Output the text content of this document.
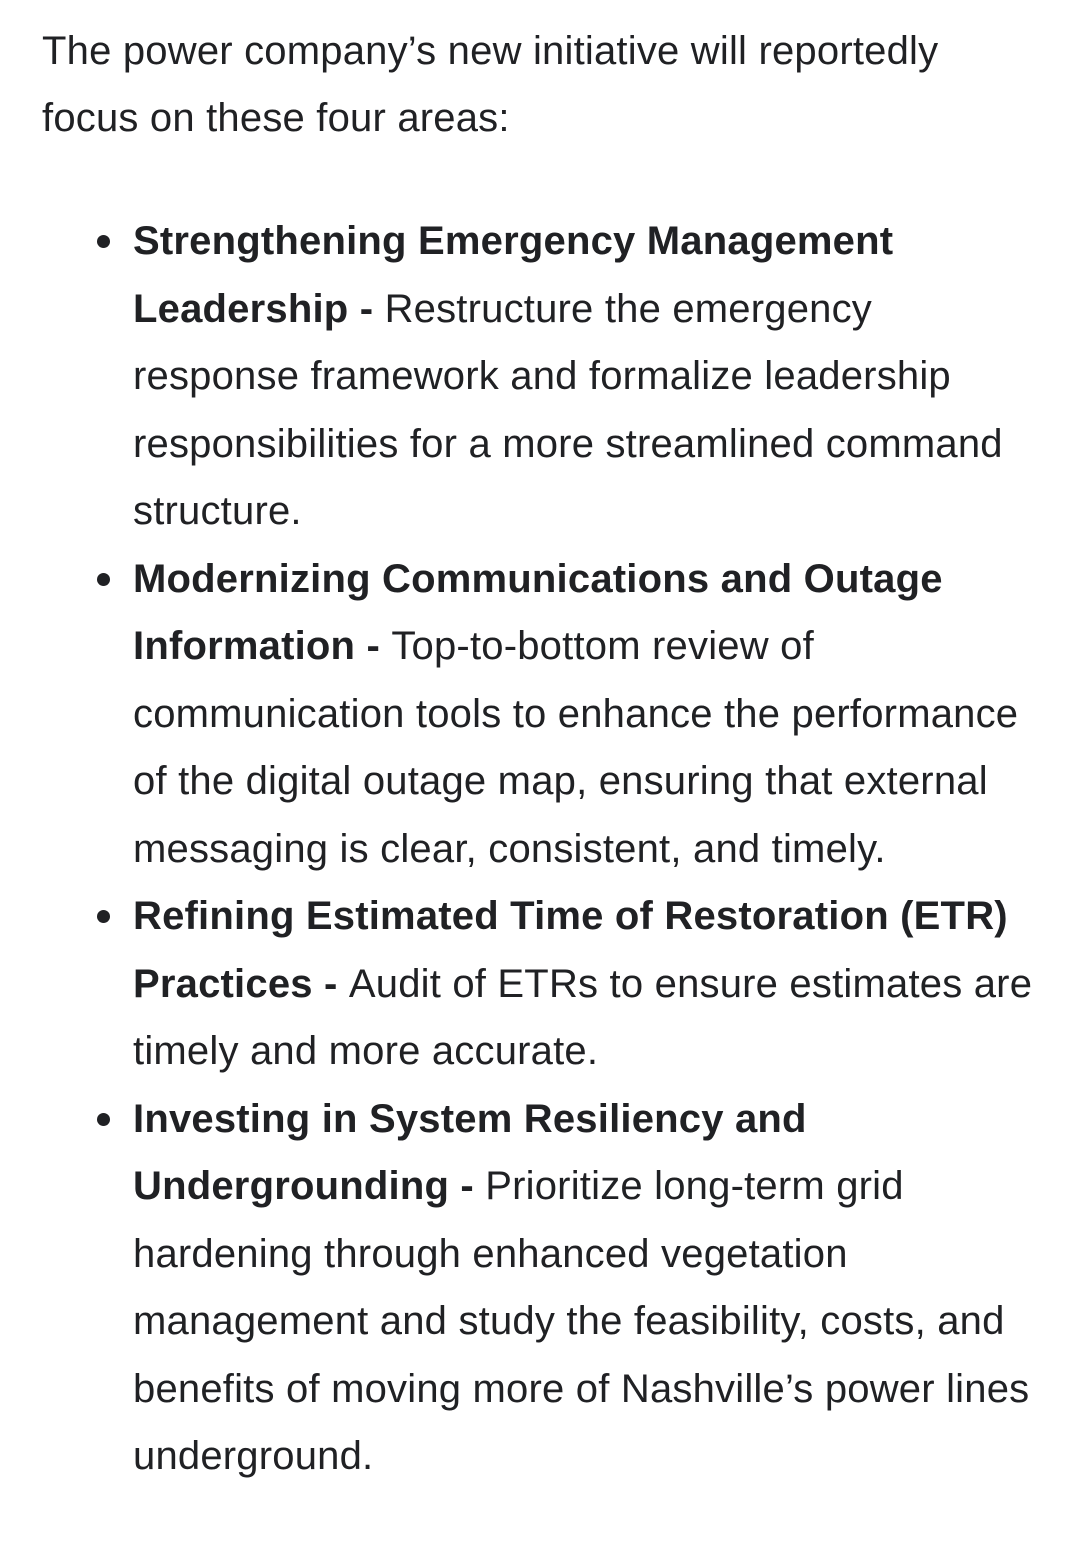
The power company’s new initiative will reportedly focus on these four areas:

Strengthening Emergency Management Leadership - Restructure the emergency response framework and formalize leadership responsibilities for a more streamlined command structure.
Modernizing Communications and Outage Information - Top-to-bottom review of communication tools to enhance the performance of the digital outage map, ensuring that external messaging is clear, consistent, and timely.
Refining Estimated Time of Restoration (ETR) Practices - Audit of ETRs to ensure estimates are timely and more accurate.
Investing in System Resiliency and Undergrounding - Prioritize long-term grid hardening through enhanced vegetation management and study the feasibility, costs, and benefits of moving more of Nashville’s power lines underground.
